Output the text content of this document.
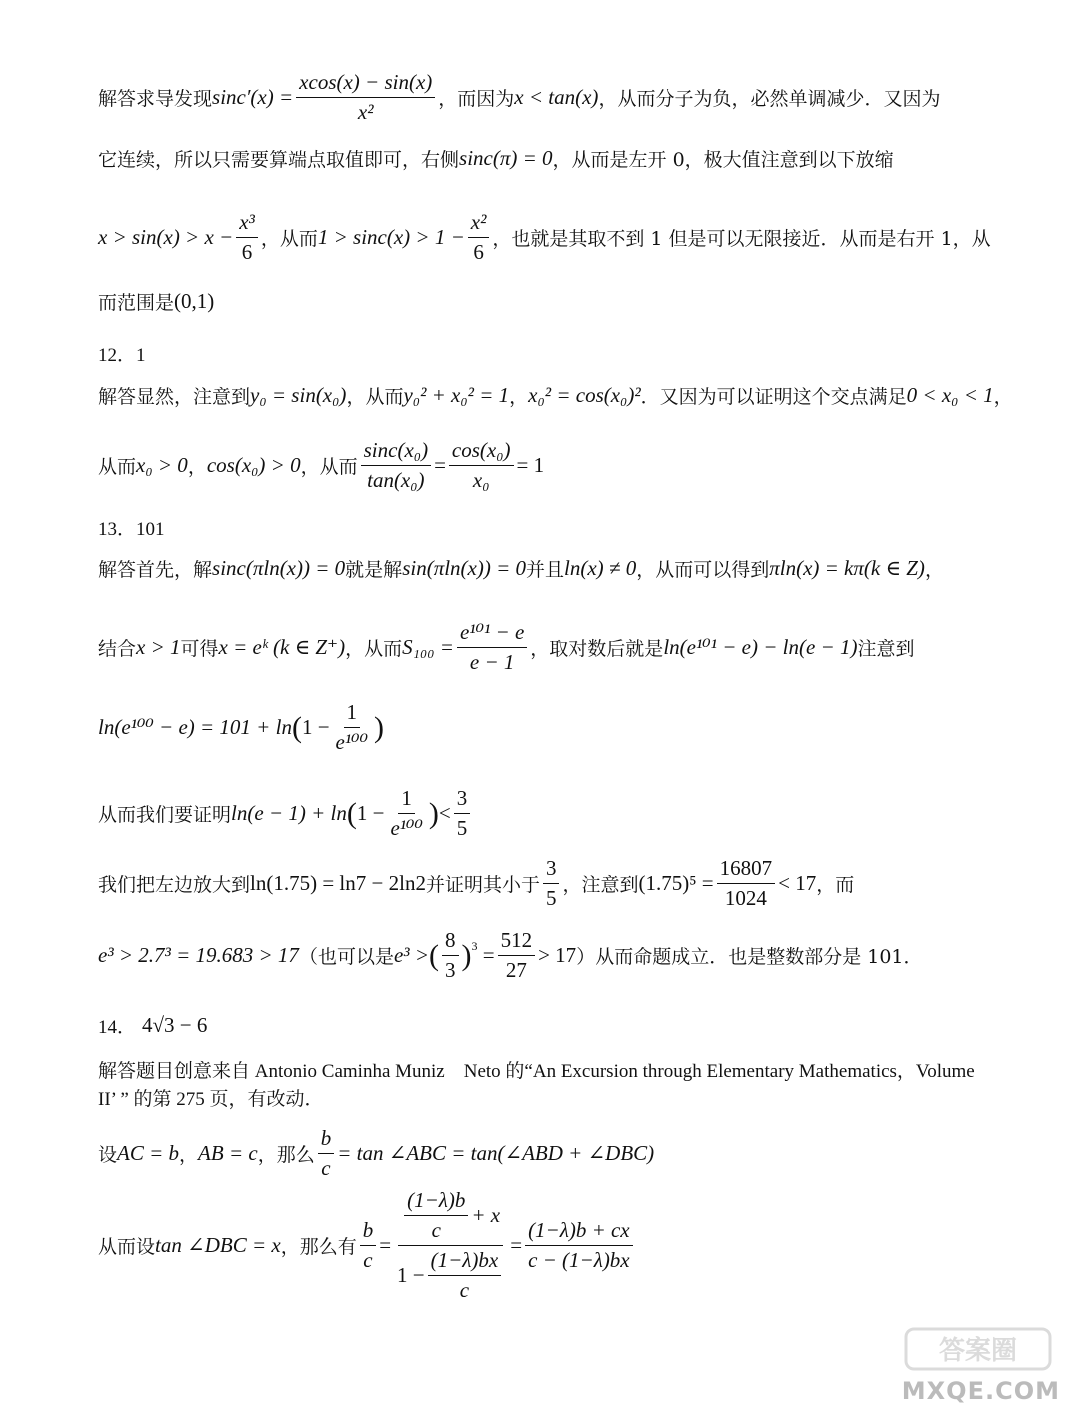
解答求导发现 $\sin c'(x) = \frac{xcos(x) - \sin(x)}{\text{x²}}$ ，而因为 x < tan(x) ，从而分子为负，必然单调减少．又因为
它连续，所以只需要算端点取值即可，右侧 sinc(π) = 0 ，从而是左开 0，极大值注意到以下放缩
$x > \sin(x) > x - \frac{\text{x³}}{6}$ ，从而 $1 > \sin c(x) > 1 - \frac{\text{x²}}{6}$ ，也就是其取不到 1 但是可以无限接近．从而是右开 1，从
而范围是 (0,1)
12．1
解答显然，注意到 y₀ = sin(x₀) ，从而 y₀² + x₀² = 1 ， x₀² = cos(x₀)² ．又因为可以证明这个交点满足 0 < x₀ < 1 ，
从而 x₀ > 0 ， cos(x₀) > 0 ，从而 $\frac{\text{sinc(x₀)}}{\text{tan(x₀)}} = \frac{\text{cos(x₀)}}{\text{x₀}} = 1$
13．101
解答首先，解 sinc(πln(x)) = 0 就是解 sin(πln(x)) = 0 并且 ln(x) ≠ 0 ，从而可以得到 πln(x) = kπ(k ∈ Z) ，
结合 x > 1 可得 x = eᵏ (k ∈ Z⁺) ，从而 $S_{100} = \frac{\text{e¹⁰¹ − e}}{e - 1}$ ，取对数后就是 ln(e¹⁰¹ − e) − ln(e − 1) 注意到
ln(e¹⁰⁰ − e) = 101 + ln ( $1 - \frac{1}{\text{e¹⁰⁰}}$ )
从而我们要证明 ln(e − 1) + ln ( $1 - \frac{1}{\text{e¹⁰⁰}}$ ) < $\frac{3}{5}$
我们把左边放大到 ln(1.75) = ln7 − 2ln2 并证明其小于 $\frac{3}{5}$ ，注意到 $(1.75)^5 = \frac{16807}{1024} < 17$ ，而
e³ > 2.7³ = 19.683 > 17 （也可以是 e³ > ( $\frac{8}{3}$ ) $3 = \frac{512}{27} > 17$ ）从而命题成立．也是整数部分是 101．
14． 4√3 − 6
解答题目创意来自 Antonio Caminha Muniz　Neto 的“An Excursion through Elementary Mathematics，Volume
II’ ” 的第 275 页，有改动．
设 AC = b ， AB = c ，那么 $\frac{b}{c} = \tan$ ∠ABC = tan(∠ABD + ∠DBC)
从而设 tan ∠DBC = x ，那么有 $\frac{b}{c} = \frac{\frac{(1-\lambda)b}{c} + x}{1 - \frac{(1-\lambda)bx}{c}} = \frac{(1-\lambda)b + cx}{c - (1-\lambda)bx}$
答案圈
MXQE.COM
